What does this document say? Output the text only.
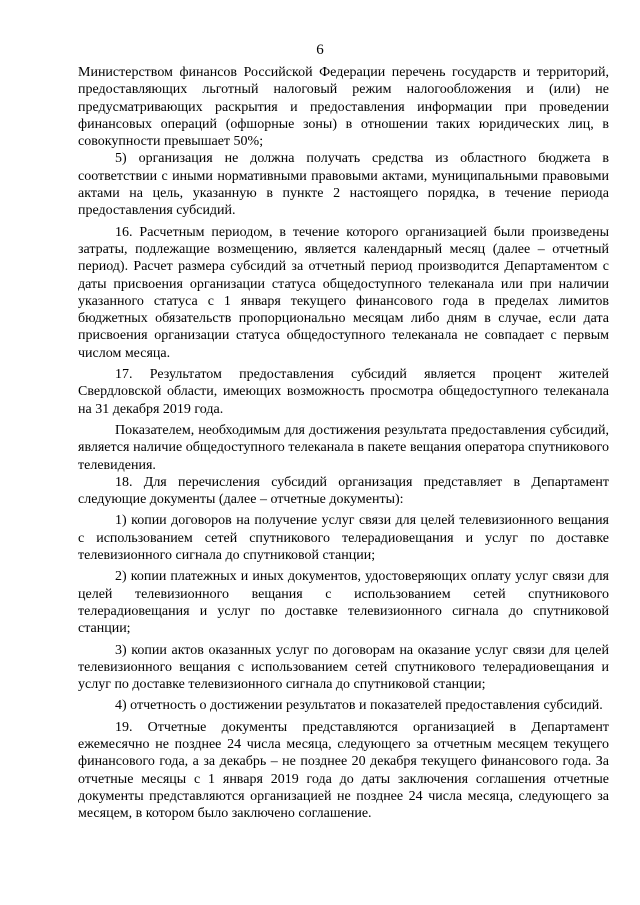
6

Министерством финансов Российской Федерации перечень государств и территорий, предоставляющих льготный налоговый режим налогообложения и (или) не предусматривающих раскрытия и предоставления информации при проведении финансовых операций (офшорные зоны) в отношении таких юридических лиц, в совокупности превышает 50%;

5) организация не должна получать средства из областного бюджета в соответствии с иными нормативными правовыми актами, муниципальными правовыми актами на цель, указанную в пункте 2 настоящего порядка, в течение периода предоставления субсидий.

16. Расчетным периодом, в течение которого организацией были произведены затраты, подлежащие возмещению, является календарный месяц (далее – отчетный период). Расчет размера субсидий за отчетный период производится Департаментом с даты присвоения организации статуса общедоступного телеканала или при наличии указанного статуса с 1 января текущего финансового года в пределах лимитов бюджетных обязательств пропорционально месяцам либо дням в случае, если дата присвоения организации статуса общедоступного телеканала не совпадает с первым числом месяца.

17. Результатом предоставления субсидий является процент жителей Свердловской области, имеющих возможность просмотра общедоступного телеканала на 31 декабря 2019 года.

Показателем, необходимым для достижения результата предоставления субсидий, является наличие общедоступного телеканала в пакете вещания оператора спутникового телевидения.

18. Для перечисления субсидий организация представляет в Департамент следующие документы (далее – отчетные документы):

1) копии договоров на получение услуг связи для целей телевизионного вещания с использованием сетей спутникового телерадиовещания и услуг по доставке телевизионного сигнала до спутниковой станции;

2) копии платежных и иных документов, удостоверяющих оплату услуг связи для целей телевизионного вещания с использованием сетей спутникового телерадиовещания и услуг по доставке телевизионного сигнала до спутниковой станции;

3) копии актов оказанных услуг по договорам на оказание услуг связи для целей телевизионного вещания с использованием сетей спутникового телерадиовещания и услуг по доставке телевизионного сигнала до спутниковой станции;

4) отчетность о достижении результатов и показателей предоставления субсидий.

19. Отчетные документы представляются организацией в Департамент ежемесячно не позднее 24 числа месяца, следующего за отчетным месяцем текущего финансового года, а за декабрь – не позднее 20 декабря текущего финансового года. За отчетные месяцы с 1 января 2019 года до даты заключения соглашения отчетные документы представляются организацией не позднее 24 числа месяца, следующего за месяцем, в котором было заключено соглашение.
